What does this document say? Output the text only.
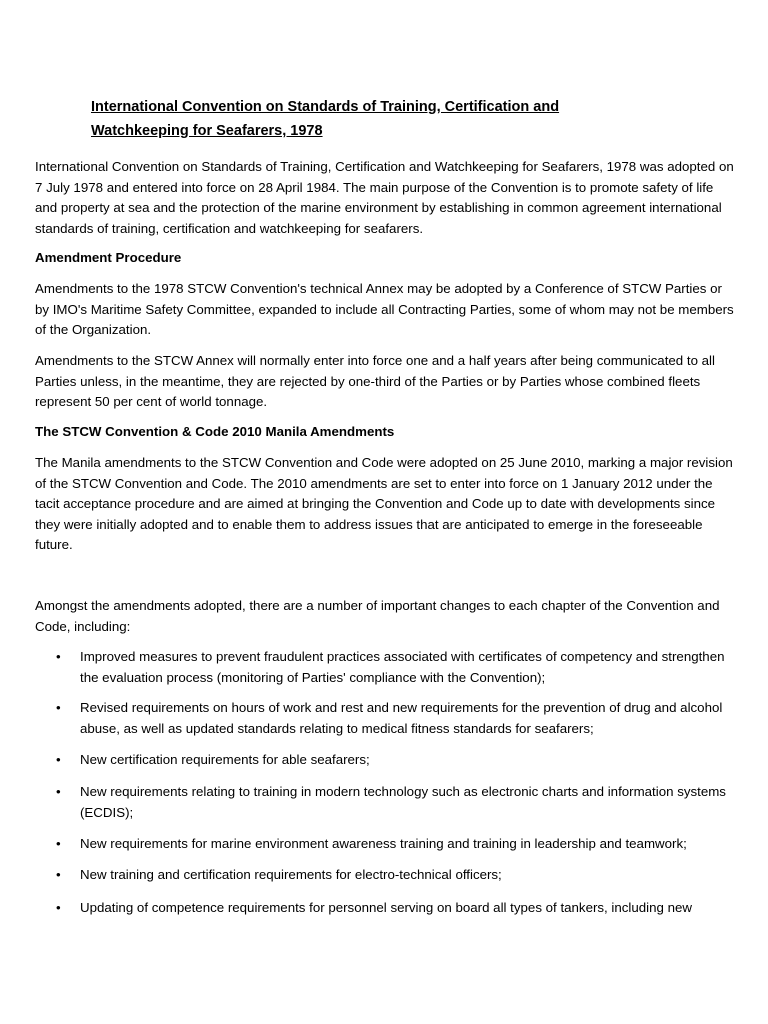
International Convention on Standards of Training, Certification and Watchkeeping for Seafarers, 1978

International Convention on Standards of Training, Certification and Watchkeeping for Seafarers, 1978 was adopted on 7 July 1978 and entered into force on 28 April 1984. The main purpose of the Convention is to promote safety of life and property at sea and the protection of the marine environment by establishing in common agreement international standards of training, certification and watchkeeping for seafarers.

Amendment Procedure

Amendments to the 1978 STCW Convention's technical Annex may be adopted by a Conference of STCW Parties or by IMO's Maritime Safety Committee, expanded to include all Contracting Parties, some of whom may not be members of the Organization.

Amendments to the STCW Annex will normally enter into force one and a half years after being communicated to all Parties unless, in the meantime, they are rejected by one-third of the Parties or by Parties whose combined fleets represent 50 per cent of world tonnage.

The STCW Convention & Code 2010 Manila Amendments

The Manila amendments to the STCW Convention and Code were adopted on 25 June 2010, marking a major revision of the STCW Convention and Code. The 2010 amendments are set to enter into force on 1 January 2012 under the tacit acceptance procedure and are aimed at bringing the Convention and Code up to date with developments since they were initially adopted and to enable them to address issues that are anticipated to emerge in the foreseeable future.

Amongst the amendments adopted, there are a number of important changes to each chapter of the Convention and Code, including:

• Improved measures to prevent fraudulent practices associated with certificates of competency and strengthen the evaluation process (monitoring of Parties' compliance with the Convention);
• Revised requirements on hours of work and rest and new requirements for the prevention of drug and alcohol abuse, as well as updated standards relating to medical fitness standards for seafarers;
• New certification requirements for able seafarers;
• New requirements relating to training in modern technology such as electronic charts and information systems (ECDIS);
• New requirements for marine environment awareness training and training in leadership and teamwork;
• New training and certification requirements for electro-technical officers;
• Updating of competence requirements for personnel serving on board all types of tankers, including new
